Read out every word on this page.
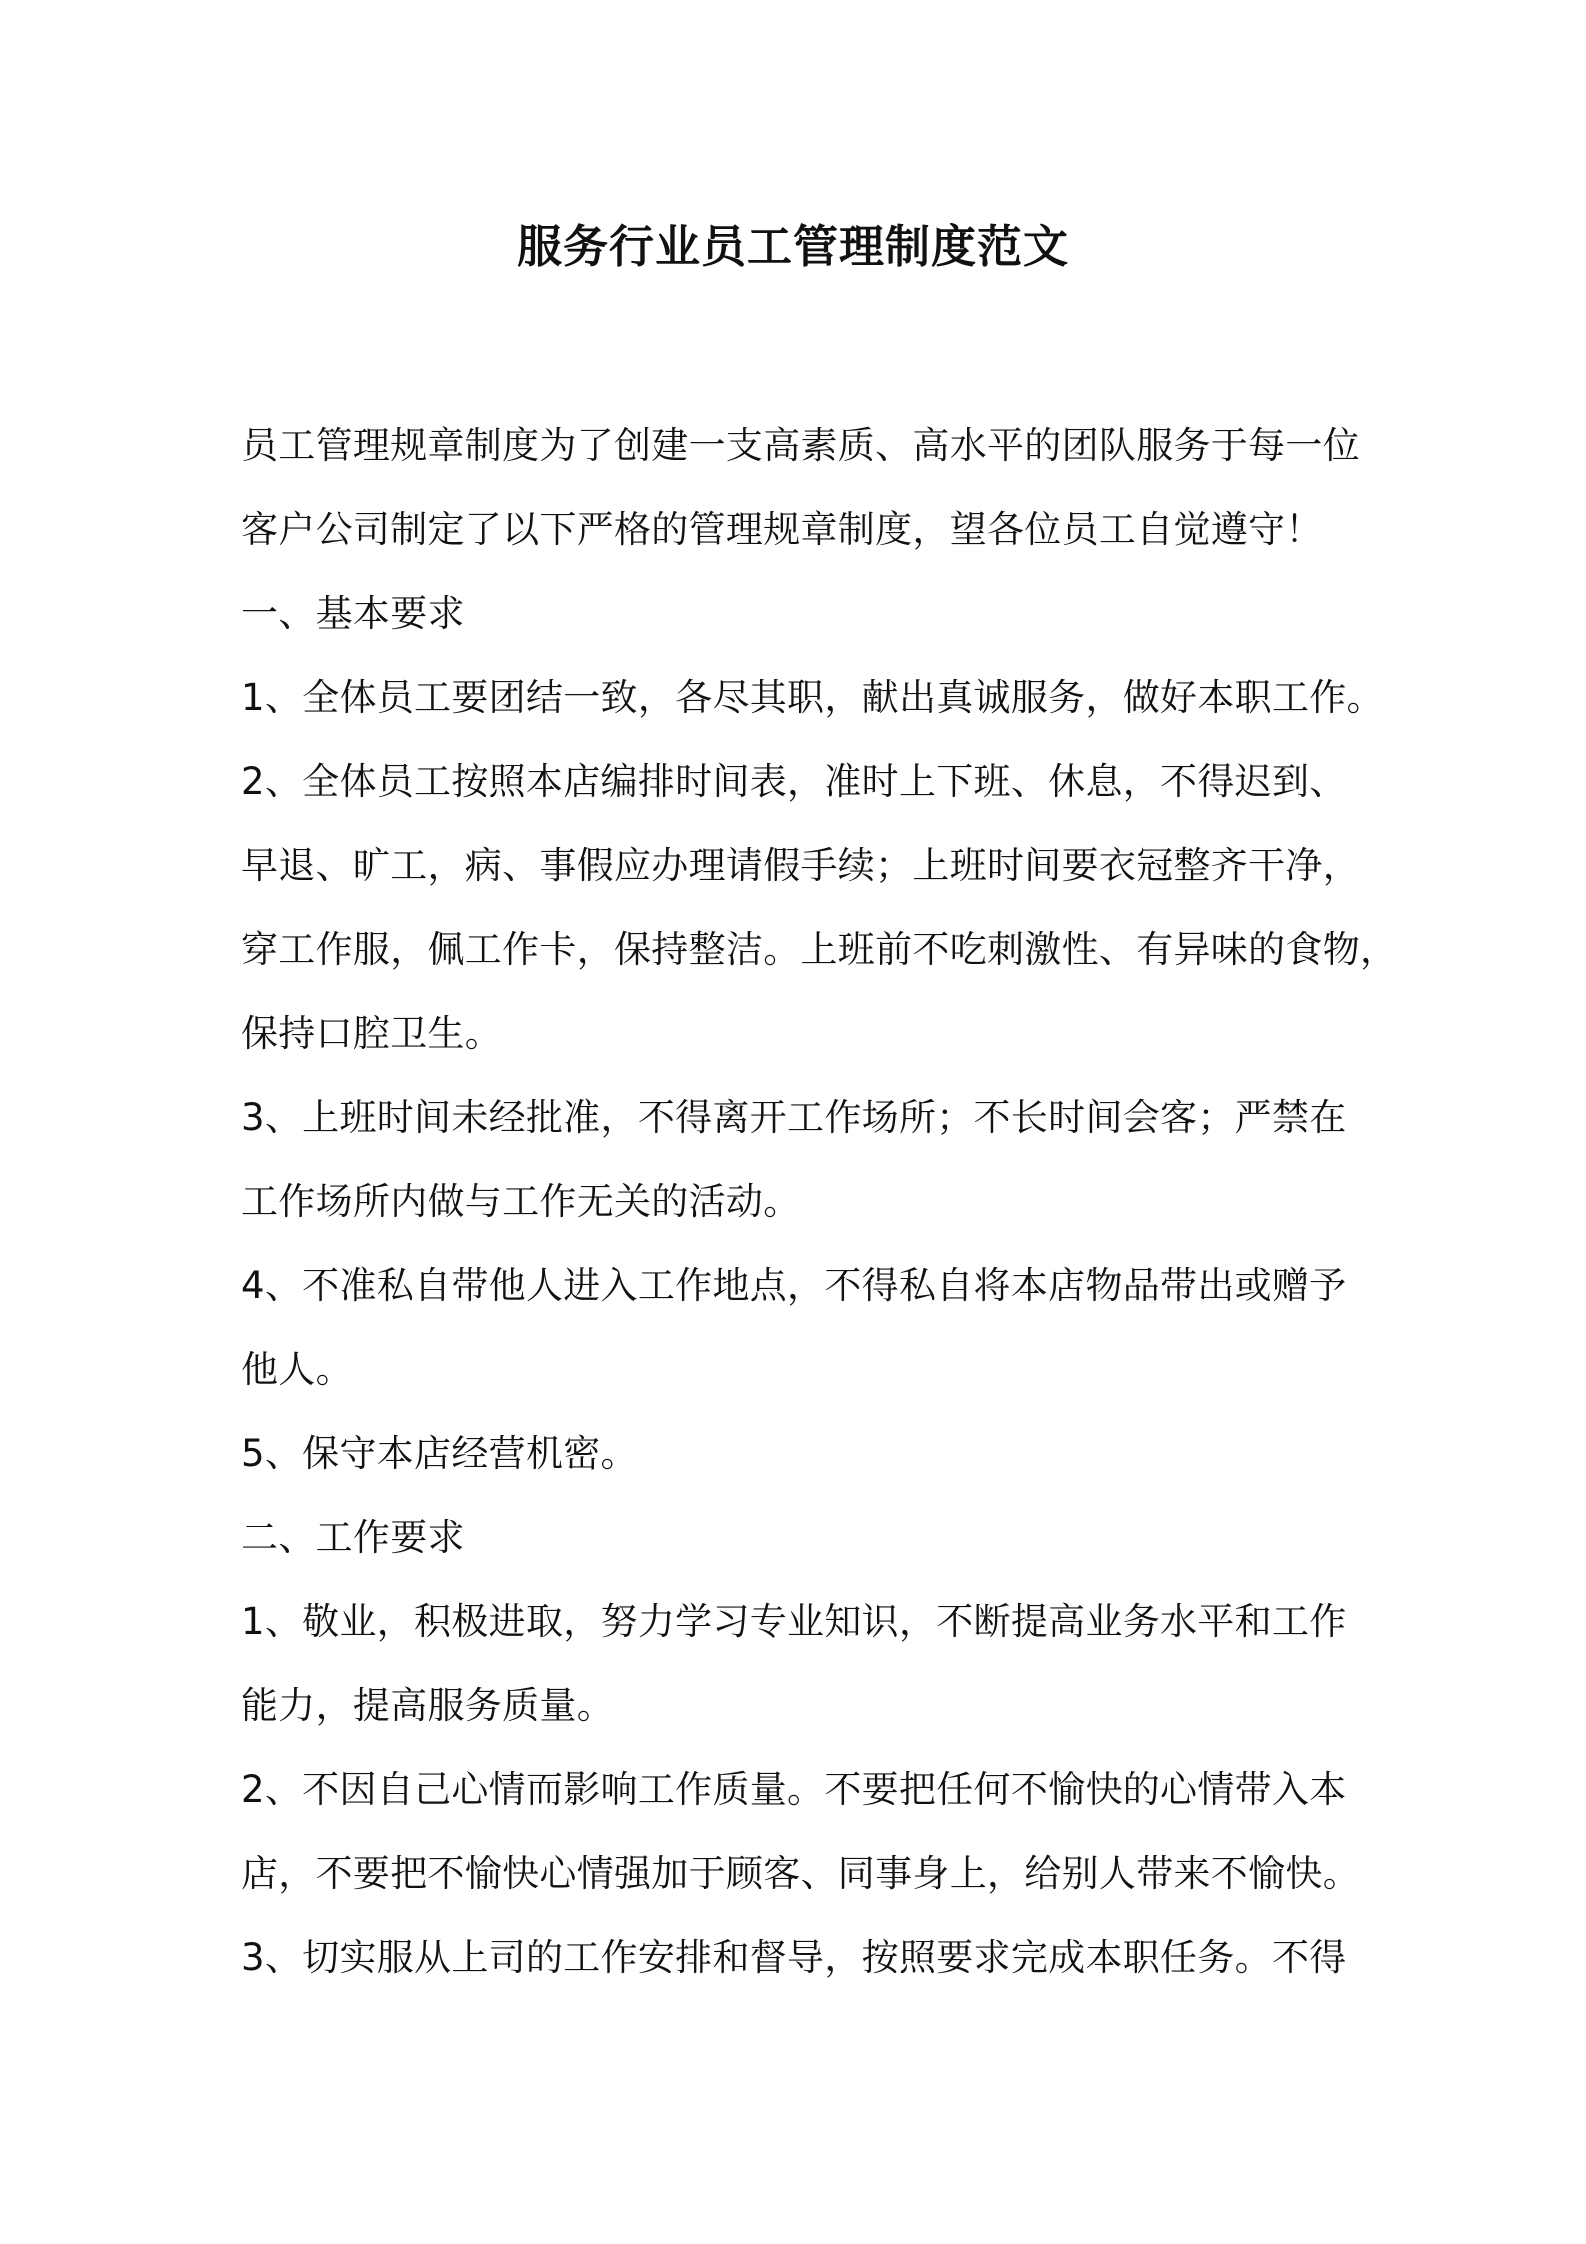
服务行业员工管理制度范文
员工管理规章制度为了创建一支高素质、高水平的团队服务于每一位
客户公司制定了以下严格的管理规章制度，望各位员工自觉遵守！
一、基本要求
1、全体员工要团结一致，各尽其职，献出真诚服务，做好本职工作。
2、全体员工按照本店编排时间表，准时上下班、休息，不得迟到、
早退、旷工，病、事假应办理请假手续；上班时间要衣冠整齐干净，
穿工作服，佩工作卡，保持整洁。上班前不吃刺激性、有异味的食物，
保持口腔卫生。
3、上班时间未经批准，不得离开工作场所；不长时间会客；严禁在
工作场所内做与工作无关的活动。
4、不准私自带他人进入工作地点，不得私自将本店物品带出或赠予
他人。
5、保守本店经营机密。
二、工作要求
1、敬业，积极进取，努力学习专业知识，不断提高业务水平和工作
能力，提高服务质量。
2、不因自己心情而影响工作质量。不要把任何不愉快的心情带入本
店，不要把不愉快心情强加于顾客、同事身上，给别人带来不愉快。
3、切实服从上司的工作安排和督导，按照要求完成本职任务。不得
